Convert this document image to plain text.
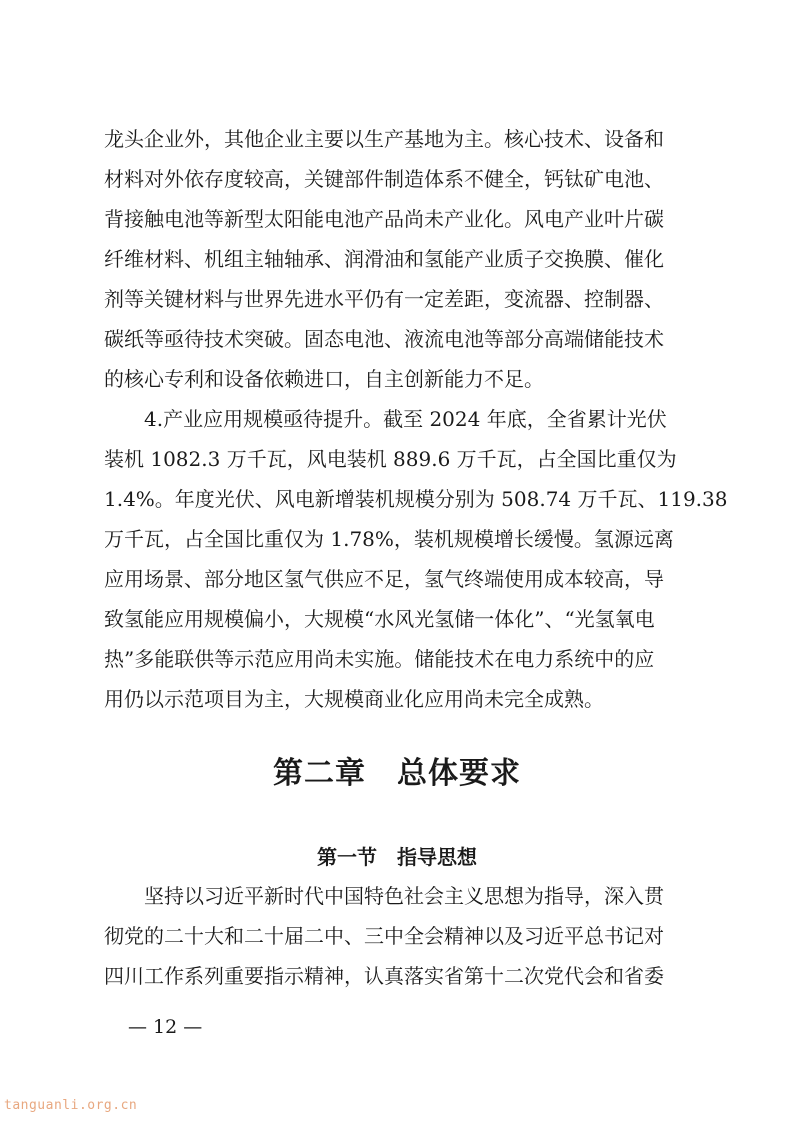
龙头企业外，其他企业主要以生产基地为主。核心技术、设备和
材料对外依存度较高，关键部件制造体系不健全，钙钛矿电池、
背接触电池等新型太阳能电池产品尚未产业化。风电产业叶片碳
纤维材料、机组主轴轴承、润滑油和氢能产业质子交换膜、催化
剂等关键材料与世界先进水平仍有一定差距，变流器、控制器、
碳纸等亟待技术突破。固态电池、液流电池等部分高端储能技术
的核心专利和设备依赖进口，自主创新能力不足。

　　4.产业应用规模亟待提升。截至 2024 年底，全省累计光伏
装机 1082.3 万千瓦，风电装机 889.6 万千瓦，占全国比重仅为
1.4%。年度光伏、风电新增装机规模分别为 508.74 万千瓦、119.38
万千瓦，占全国比重仅为 1.78%，装机规模增长缓慢。氢源远离
应用场景、部分地区氢气供应不足，氢气终端使用成本较高，导
致氢能应用规模偏小，大规模“水风光氢储一体化”、“光氢氧电
热”多能联供等示范应用尚未实施。储能技术在电力系统中的应
用仍以示范项目为主，大规模商业化应用尚未完全成熟。

第二章　总体要求
第一节　指导思想

　　坚持以习近平新时代中国特色社会主义思想为指导，深入贯
彻党的二十大和二十届二中、三中全会精神以及习近平总书记对
四川工作系列重要指示精神，认真落实省第十二次党代会和省委

— 12 —

tanguanli.org.cn
